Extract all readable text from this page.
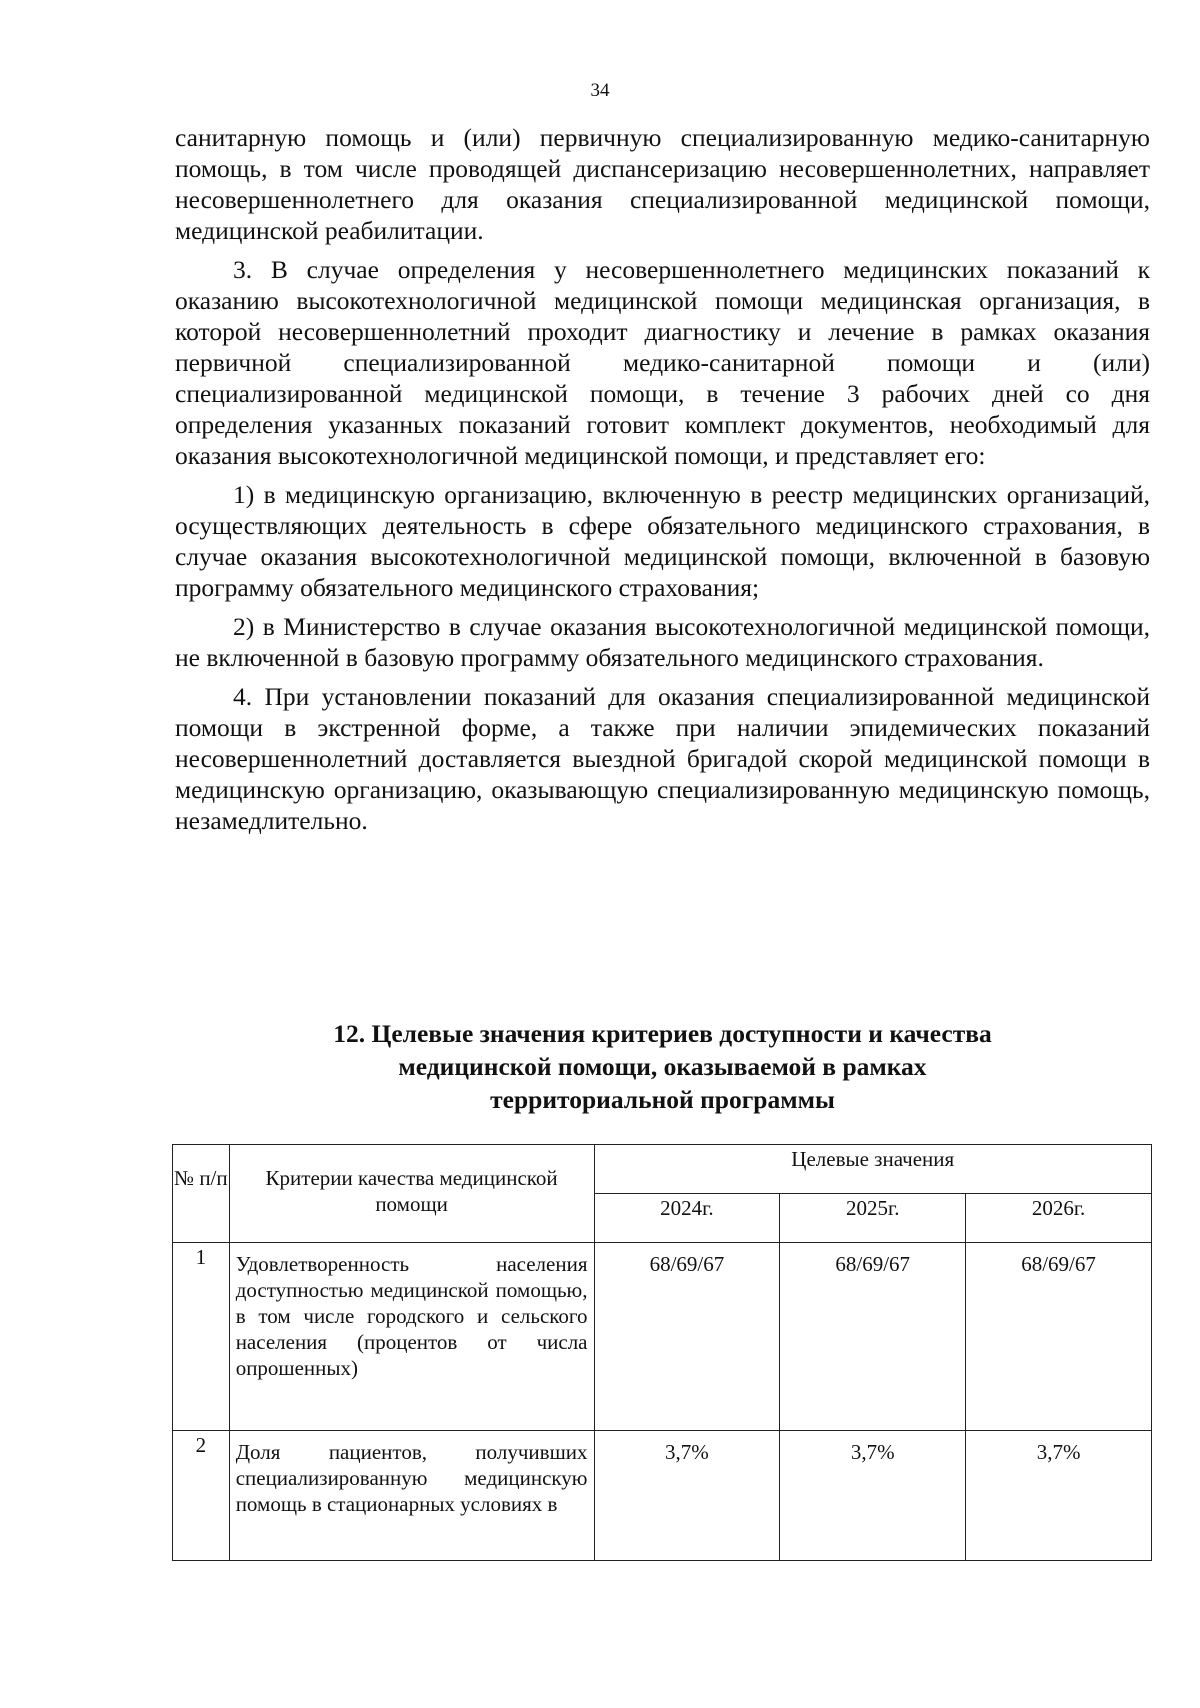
34

санитарную помощь и (или) первичную специализированную медико-санитарную помощь, в том числе проводящей диспансеризацию несовершеннолетних, направляет несовершеннолетнего для оказания специализированной медицинской помощи, медицинской реабилитации.

3. В случае определения у несовершеннолетнего медицинских показаний к оказанию высокотехнологичной медицинской помощи медицинская организация, в которой несовершеннолетний проходит диагностику и лечение в рамках оказания первичной специализированной медико-санитарной помощи и (или) специализированной медицинской помощи, в течение 3 рабочих дней со дня определения указанных показаний готовит комплект документов, необходимый для оказания высокотехнологичной медицинской помощи, и представляет его:

1) в медицинскую организацию, включенную в реестр медицинских организаций, осуществляющих деятельность в сфере обязательного медицинского страхования, в случае оказания высокотехнологичной медицинской помощи, включенной в базовую программу обязательного медицинского страхования;

2) в Министерство в случае оказания высокотехнологичной медицинской помощи, не включенной в базовую программу обязательного медицинского страхования.

4. При установлении показаний для оказания специализированной медицинской помощи в экстренной форме, а также при наличии эпидемических показаний несовершеннолетний доставляется выездной бригадой скорой медицинской помощи в медицинскую организацию, оказывающую специализированную медицинскую помощь, незамедлительно.

12. Целевые значения критериев доступности и качества
медицинской помощи, оказываемой в рамках
территориальной программы
№ п/п	Критерии качества медицинской помощи	Целевые значения		
		2024г.	2025г.	2026г.
1	Удовлетворенность населения доступностью медицинской помощью, в том числе городского и сельского населения (процентов от числа опрошенных)	68/69/67	68/69/67	68/69/67
2	Доля пациентов, получивших специализированную медицинскую помощь в стационарных условиях в	3,7%	3,7%	3,7%
